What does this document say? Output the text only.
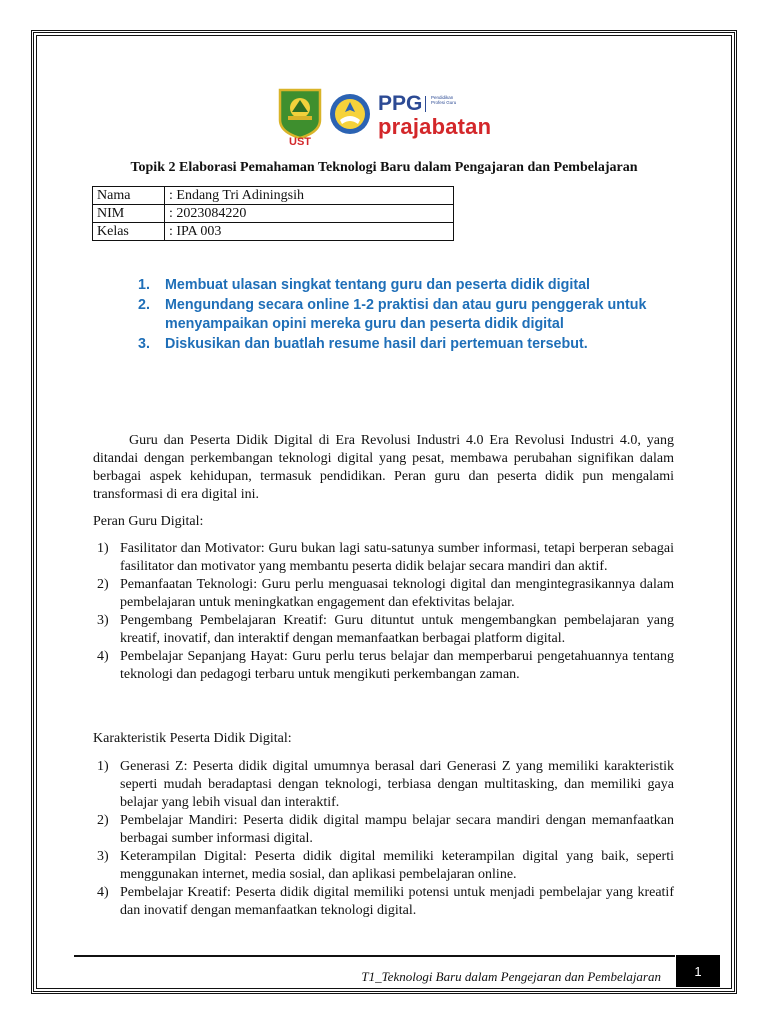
UST
PPG Pendidikan Profesi Guru
prajabatan
Topik 2 Elaborasi Pemahaman Teknologi Baru dalam Pengajaran dan Pembelajaran
Nama	: Endang Tri Adiningsih
NIM	: 2023084220
Kelas	: IPA 003
1. Membuat ulasan singkat tentang guru dan peserta didik digital
2. Mengundang secara online 1-2 praktisi dan atau guru penggerak untuk menyampaikan opini mereka guru dan peserta didik digital
3. Diskusikan dan buatlah resume hasil dari pertemuan tersebut.

Guru dan Peserta Didik Digital di Era Revolusi Industri 4.0 Era Revolusi Industri 4.0, yang ditandai dengan perkembangan teknologi digital yang pesat, membawa perubahan signifikan dalam berbagai aspek kehidupan, termasuk pendidikan. Peran guru dan peserta didik pun mengalami transformasi di era digital ini.

Peran Guru Digital:

1) Fasilitator dan Motivator: Guru bukan lagi satu-satunya sumber informasi, tetapi berperan sebagai fasilitator dan motivator yang membantu peserta didik belajar secara mandiri dan aktif.
2) Pemanfaatan Teknologi: Guru perlu menguasai teknologi digital dan mengintegrasikannya dalam pembelajaran untuk meningkatkan engagement dan efektivitas belajar.
3) Pengembang Pembelajaran Kreatif: Guru dituntut untuk mengembangkan pembelajaran yang kreatif, inovatif, dan interaktif dengan memanfaatkan berbagai platform digital.
4) Pembelajar Sepanjang Hayat: Guru perlu terus belajar dan memperbarui pengetahuannya tentang teknologi dan pedagogi terbaru untuk mengikuti perkembangan zaman.

Karakteristik Peserta Didik Digital:

1) Generasi Z: Peserta didik digital umumnya berasal dari Generasi Z yang memiliki karakteristik seperti mudah beradaptasi dengan teknologi, terbiasa dengan multitasking, dan memiliki gaya belajar yang lebih visual dan interaktif.
2) Pembelajar Mandiri: Peserta didik digital mampu belajar secara mandiri dengan memanfaatkan berbagai sumber informasi digital.
3) Keterampilan Digital: Peserta didik digital memiliki keterampilan digital yang baik, seperti menggunakan internet, media sosial, dan aplikasi pembelajaran online.
4) Pembelajar Kreatif: Peserta didik digital memiliki potensi untuk menjadi pembelajar yang kreatif dan inovatif dengan memanfaatkan teknologi digital.
T1_Teknologi Baru dalam Pengejaran dan Pembelajaran	1
